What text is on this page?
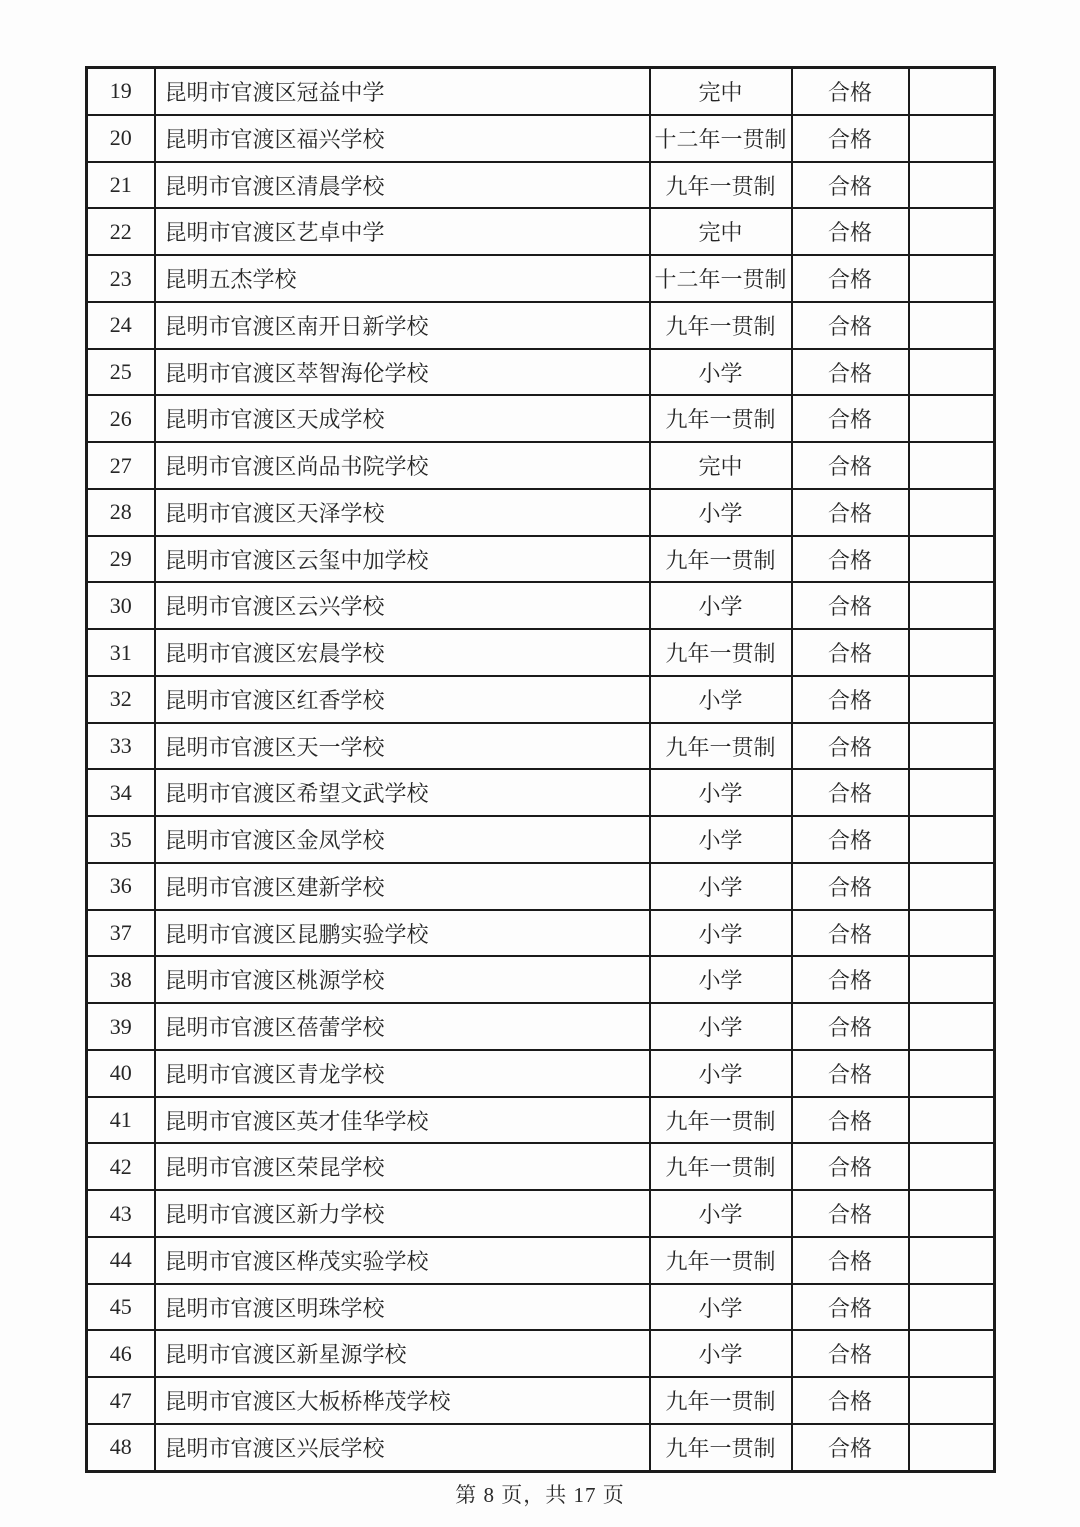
19	昆明市官渡区冠益中学	完中	合格	
20	昆明市官渡区福兴学校	十二年一贯制	合格	
21	昆明市官渡区清晨学校	九年一贯制	合格	
22	昆明市官渡区艺卓中学	完中	合格	
23	昆明五杰学校	十二年一贯制	合格	
24	昆明市官渡区南开日新学校	九年一贯制	合格	
25	昆明市官渡区萃智海伦学校	小学	合格	
26	昆明市官渡区天成学校	九年一贯制	合格	
27	昆明市官渡区尚品书院学校	完中	合格	
28	昆明市官渡区天泽学校	小学	合格	
29	昆明市官渡区云玺中加学校	九年一贯制	合格	
30	昆明市官渡区云兴学校	小学	合格	
31	昆明市官渡区宏晨学校	九年一贯制	合格	
32	昆明市官渡区红香学校	小学	合格	
33	昆明市官渡区天一学校	九年一贯制	合格	
34	昆明市官渡区希望文武学校	小学	合格	
35	昆明市官渡区金凤学校	小学	合格	
36	昆明市官渡区建新学校	小学	合格	
37	昆明市官渡区昆鹏实验学校	小学	合格	
38	昆明市官渡区桃源学校	小学	合格	
39	昆明市官渡区蓓蕾学校	小学	合格	
40	昆明市官渡区青龙学校	小学	合格	
41	昆明市官渡区英才佳华学校	九年一贯制	合格	
42	昆明市官渡区荣昆学校	九年一贯制	合格	
43	昆明市官渡区新力学校	小学	合格	
44	昆明市官渡区桦茂实验学校	九年一贯制	合格	
45	昆明市官渡区明珠学校	小学	合格	
46	昆明市官渡区新星源学校	小学	合格	
47	昆明市官渡区大板桥桦茂学校	九年一贯制	合格	
48	昆明市官渡区兴辰学校	九年一贯制	合格	
第 8 页，共 17 页
